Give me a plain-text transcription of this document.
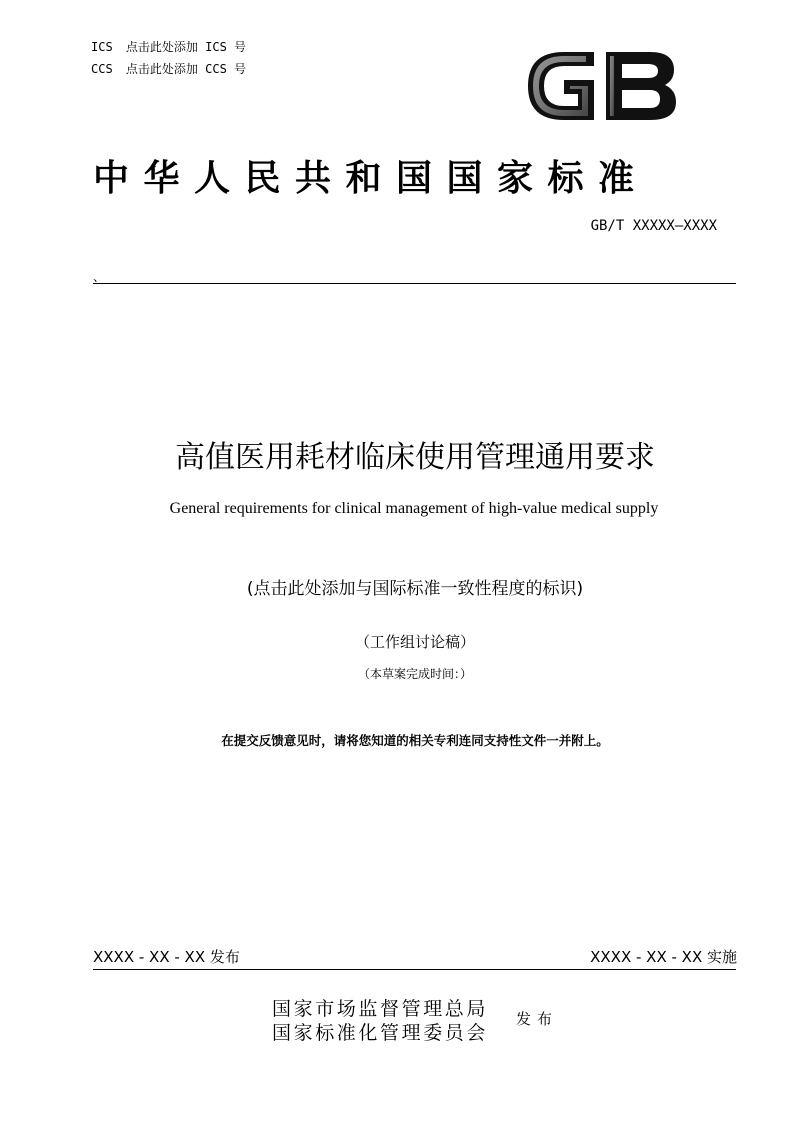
ICS 点击此处添加 ICS 号
CCS 点击此处添加 CCS 号
中华人民共和国国家标准
GB/T XXXXX—XXXX
、
高值医用耗材临床使用管理通用要求
General requirements for clinical management of high-value medical supply
(点击此处添加与国际标准一致性程度的标识)
（工作组讨论稿）
（本草案完成时间：）
在提交反馈意见时，请将您知道的相关专利连同支持性文件一并附上。
XXXX - XX - XX 发布	XXXX - XX - XX 实施
国家市场监督管理总局
国家标准化管理委员会
发布
